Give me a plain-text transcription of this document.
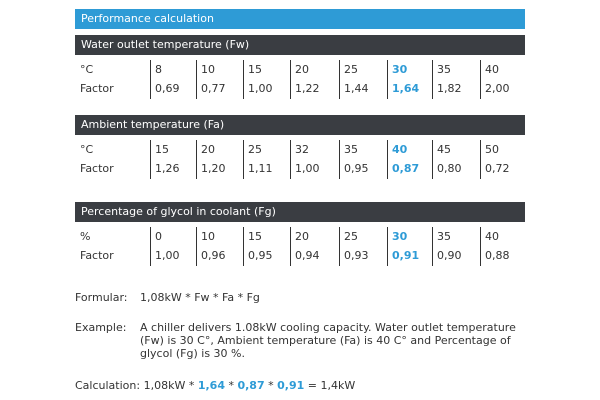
Performance calculation
Water outlet temperature (Fw)
°C
Factor
8
0,69
10
0,77
15
1,00
20
1,22
25
1,44
30
1,64
35
1,82
40
2,00
Ambient temperature (Fa)
°C
Factor
15
1,26
20
1,20
25
1,11
32
1,00
35
0,95
40
0,87
45
0,80
50
0,72
Percentage of glycol in coolant (Fg)
%
Factor
0
1,00
10
0,96
15
0,95
20
0,94
25
0,93
30
0,91
35
0,90
40
0,88
Formular: 1,08kW * Fw * Fa * Fg
Example: A chiller delivers 1.08kW cooling capacity. Water outlet temperature
(Fw) is 30 C°, Ambient temperature (Fa) is 40 C° and Percentage of
glycol (Fg) is 30 %.
Calculation: 1,08kW * 1,64 * 0,87 * 0,91 = 1,4kW
